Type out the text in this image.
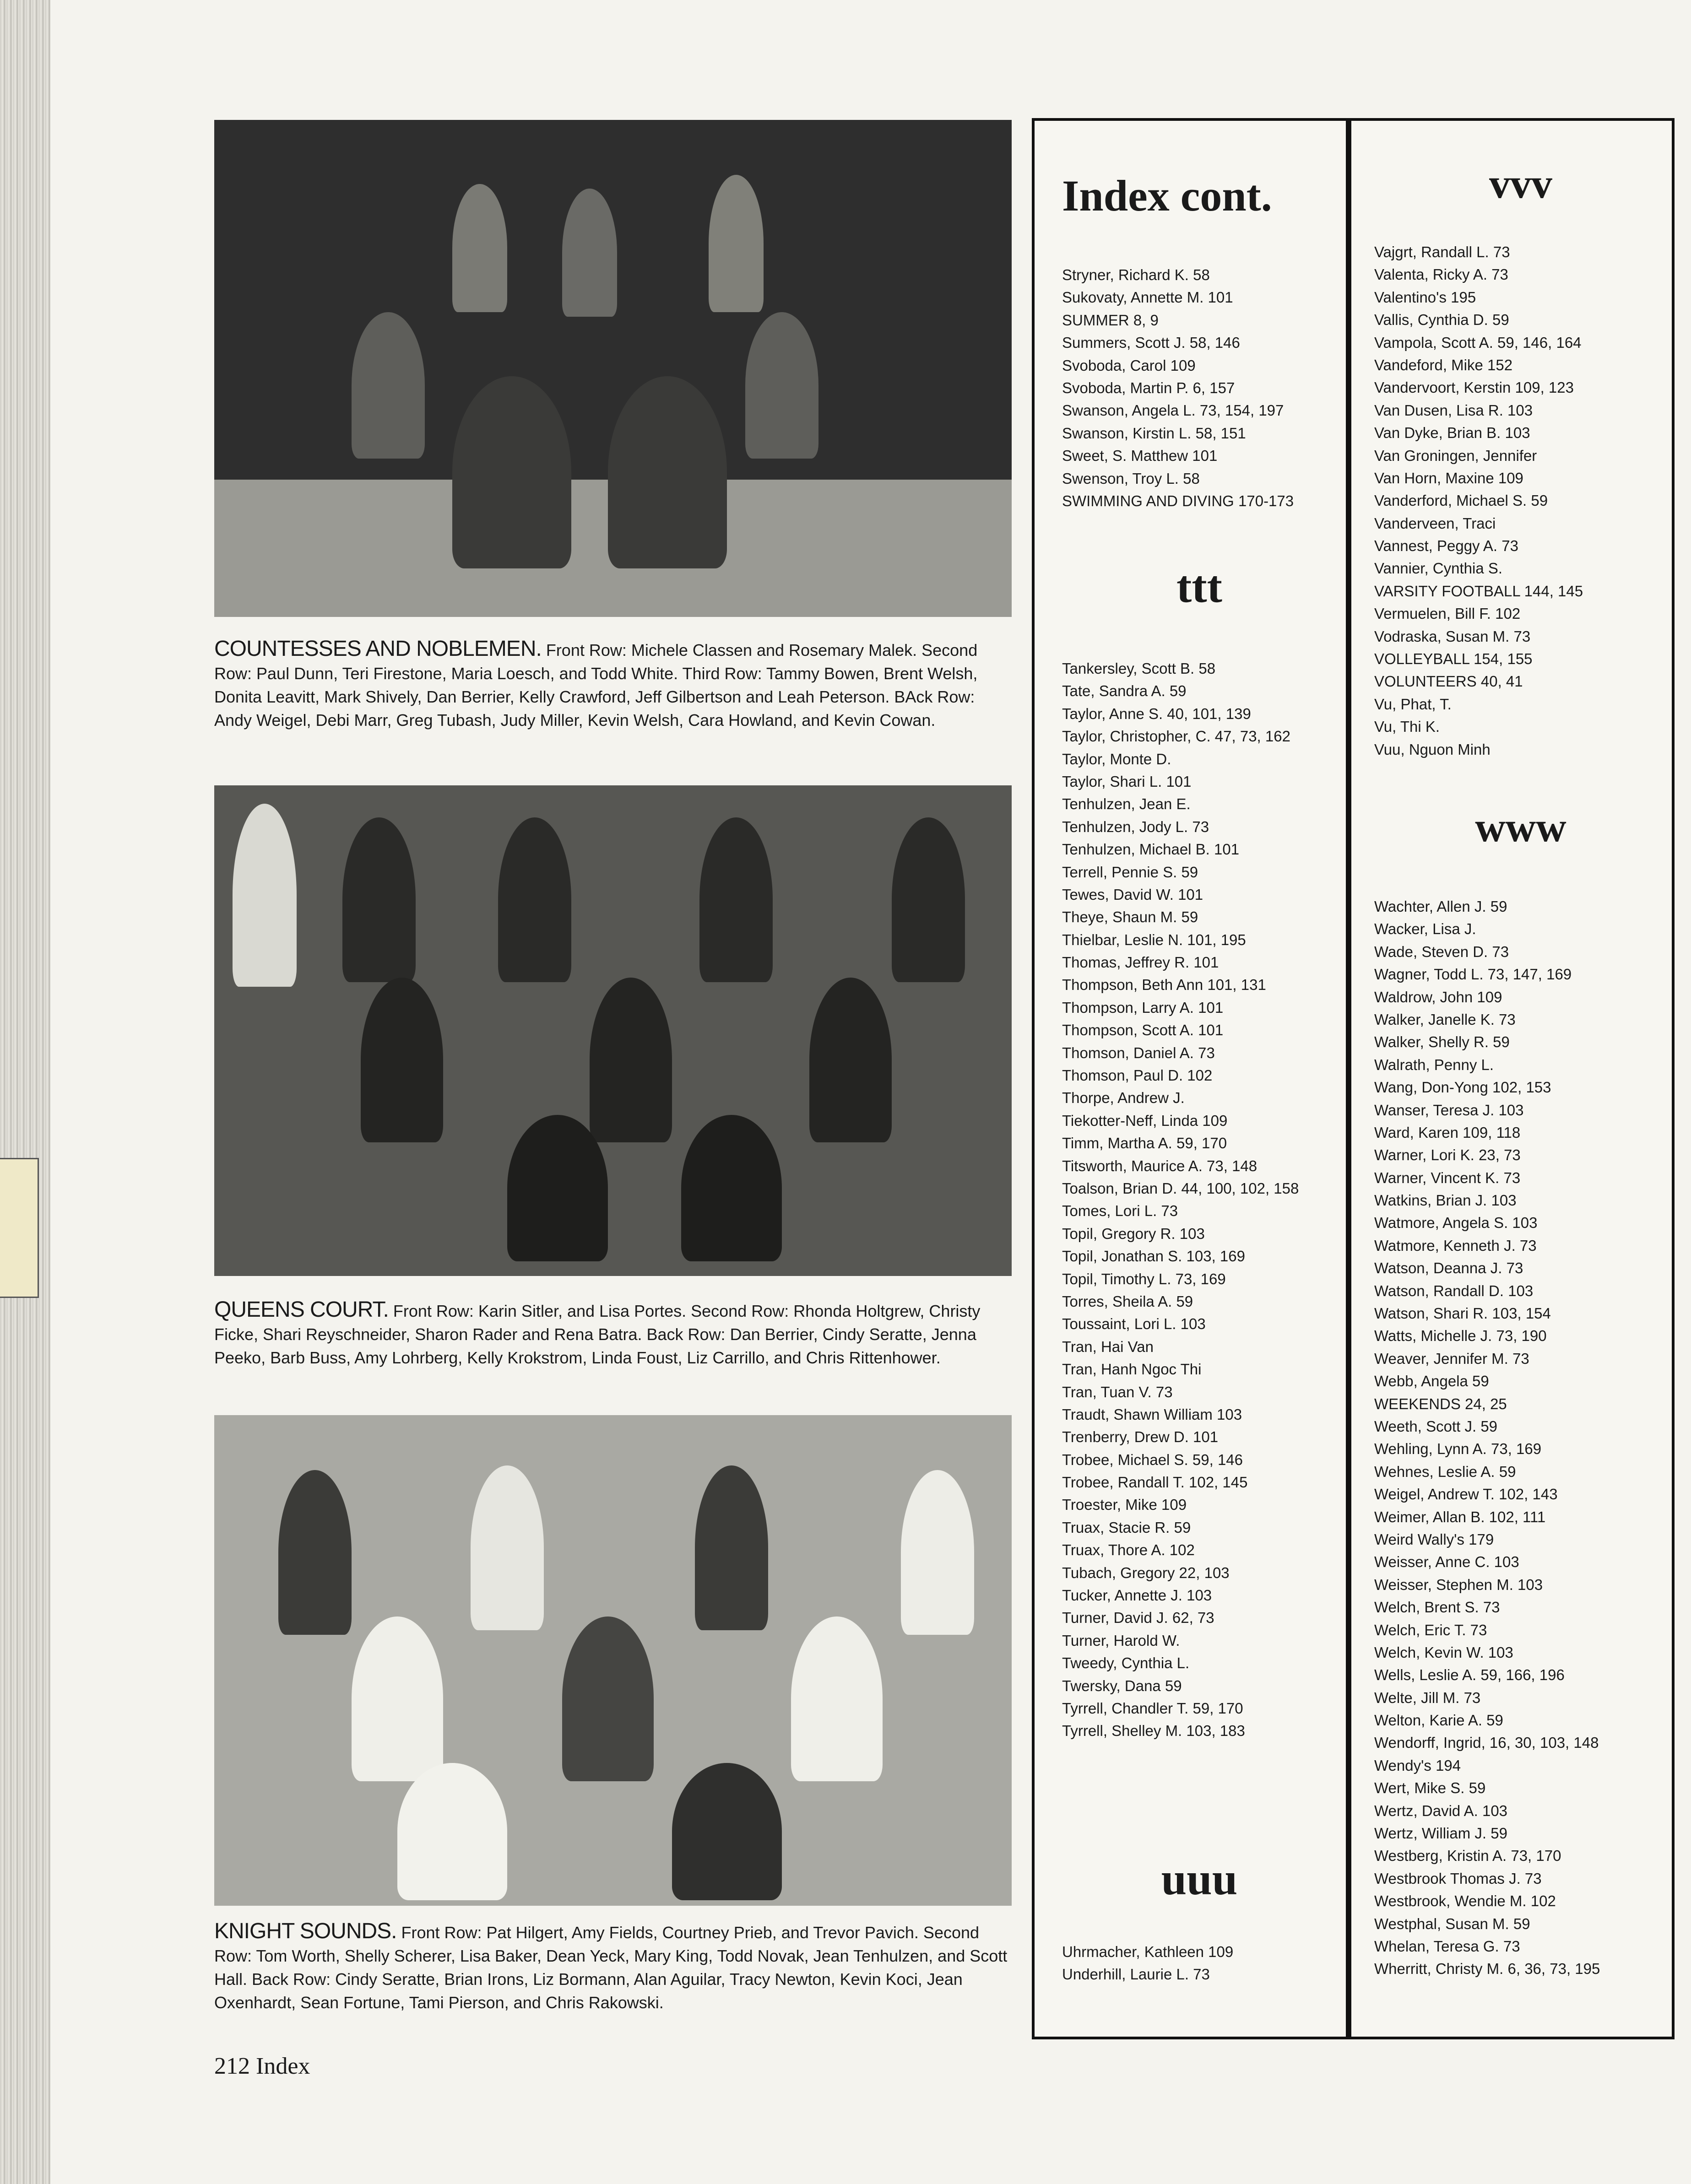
COUNTESSES AND NOBLEMEN. Front Row: Michele Classen and Rosemary Malek. Second Row: Paul Dunn, Teri Firestone, Maria Loesch, and Todd White. Third Row: Tammy Bowen, Brent Welsh, Donita Leavitt, Mark Shively, Dan Berrier, Kelly Crawford, Jeff Gilbertson and Leah Peterson. BAck Row: Andy Weigel, Debi Marr, Greg Tubash, Judy Miller, Kevin Welsh, Cara Howland, and Kevin Cowan.
QUEENS COURT. Front Row: Karin Sitler, and Lisa Portes. Second Row: Rhonda Holtgrew, Christy Ficke, Shari Reyschneider, Sharon Rader and Rena Batra. Back Row: Dan Berrier, Cindy Seratte, Jenna Peeko, Barb Buss, Amy Lohrberg, Kelly Krokstrom, Linda Foust, Liz Carrillo, and Chris Rittenhower.
KNIGHT SOUNDS. Front Row: Pat Hilgert, Amy Fields, Courtney Prieb, and Trevor Pavich. Second Row: Tom Worth, Shelly Scherer, Lisa Baker, Dean Yeck, Mary King, Todd Novak, Jean Tenhulzen, and Scott Hall. Back Row: Cindy Seratte, Brian Irons, Liz Bormann, Alan Aguilar, Tracy Newton, Kevin Koci, Jean Oxenhardt, Sean Fortune, Tami Pierson, and Chris Rakowski.
212 Index
Index cont.
Stryner, Richard K. 58
Sukovaty, Annette M. 101
SUMMER 8, 9
Summers, Scott J. 58, 146
Svoboda, Carol 109
Svoboda, Martin P. 6, 157
Swanson, Angela L. 73, 154, 197
Swanson, Kirstin L. 58, 151
Sweet, S. Matthew 101
Swenson, Troy L. 58
SWIMMING AND DIVING 170-173
ttt
Tankersley, Scott B. 58
Tate, Sandra A. 59
Taylor, Anne S. 40, 101, 139
Taylor, Christopher, C. 47, 73, 162
Taylor, Monte D.
Taylor, Shari L. 101
Tenhulzen, Jean E.
Tenhulzen, Jody L. 73
Tenhulzen, Michael B. 101
Terrell, Pennie S. 59
Tewes, David W. 101
Theye, Shaun M. 59
Thielbar, Leslie N. 101, 195
Thomas, Jeffrey R. 101
Thompson, Beth Ann 101, 131
Thompson, Larry A. 101
Thompson, Scott A. 101
Thomson, Daniel A. 73
Thomson, Paul D. 102
Thorpe, Andrew J.
Tiekotter-Neff, Linda 109
Timm, Martha A. 59, 170
Titsworth, Maurice A. 73, 148
Toalson, Brian D. 44, 100, 102, 158
Tomes, Lori L. 73
Topil, Gregory R. 103
Topil, Jonathan S. 103, 169
Topil, Timothy L. 73, 169
Torres, Sheila A. 59
Toussaint, Lori L. 103
Tran, Hai Van
Tran, Hanh Ngoc Thi
Tran, Tuan V. 73
Traudt, Shawn William 103
Trenberry, Drew D. 101
Trobee, Michael S. 59, 146
Trobee, Randall T. 102, 145
Troester, Mike 109
Truax, Stacie R. 59
Truax, Thore A. 102
Tubach, Gregory 22, 103
Tucker, Annette J. 103
Turner, David J. 62, 73
Turner, Harold W.
Tweedy, Cynthia L.
Twersky, Dana 59
Tyrrell, Chandler T. 59, 170
Tyrrell, Shelley M. 103, 183
uuu
Uhrmacher, Kathleen 109
Underhill, Laurie L. 73
vvv
Vajgrt, Randall L. 73
Valenta, Ricky A. 73
Valentino's 195
Vallis, Cynthia D. 59
Vampola, Scott A. 59, 146, 164
Vandeford, Mike 152
Vandervoort, Kerstin 109, 123
Van Dusen, Lisa R. 103
Van Dyke, Brian B. 103
Van Groningen, Jennifer
Van Horn, Maxine 109
Vanderford, Michael S. 59
Vanderveen, Traci
Vannest, Peggy A. 73
Vannier, Cynthia S.
VARSITY FOOTBALL 144, 145
Vermuelen, Bill F. 102
Vodraska, Susan M. 73
VOLLEYBALL 154, 155
VOLUNTEERS 40, 41
Vu, Phat, T.
Vu, Thi K.
Vuu, Nguon Minh
www
Wachter, Allen J. 59
Wacker, Lisa J.
Wade, Steven D. 73
Wagner, Todd L. 73, 147, 169
Waldrow, John 109
Walker, Janelle K. 73
Walker, Shelly R. 59
Walrath, Penny L.
Wang, Don-Yong 102, 153
Wanser, Teresa J. 103
Ward, Karen 109, 118
Warner, Lori K. 23, 73
Warner, Vincent K. 73
Watkins, Brian J. 103
Watmore, Angela S. 103
Watmore, Kenneth J. 73
Watson, Deanna J. 73
Watson, Randall D. 103
Watson, Shari R. 103, 154
Watts, Michelle J. 73, 190
Weaver, Jennifer M. 73
Webb, Angela 59
WEEKENDS 24, 25
Weeth, Scott J. 59
Wehling, Lynn A. 73, 169
Wehnes, Leslie A. 59
Weigel, Andrew T. 102, 143
Weimer, Allan B. 102, 111
Weird Wally's 179
Weisser, Anne C. 103
Weisser, Stephen M. 103
Welch, Brent S. 73
Welch, Eric T. 73
Welch, Kevin W. 103
Wells, Leslie A. 59, 166, 196
Welte, Jill M. 73
Welton, Karie A. 59
Wendorff, Ingrid, 16, 30, 103, 148
Wendy's 194
Wert, Mike S. 59
Wertz, David A. 103
Wertz, William J. 59
Westberg, Kristin A. 73, 170
Westbrook Thomas J. 73
Westbrook, Wendie M. 102
Westphal, Susan M. 59
Whelan, Teresa G. 73
Wherritt, Christy M. 6, 36, 73, 195
